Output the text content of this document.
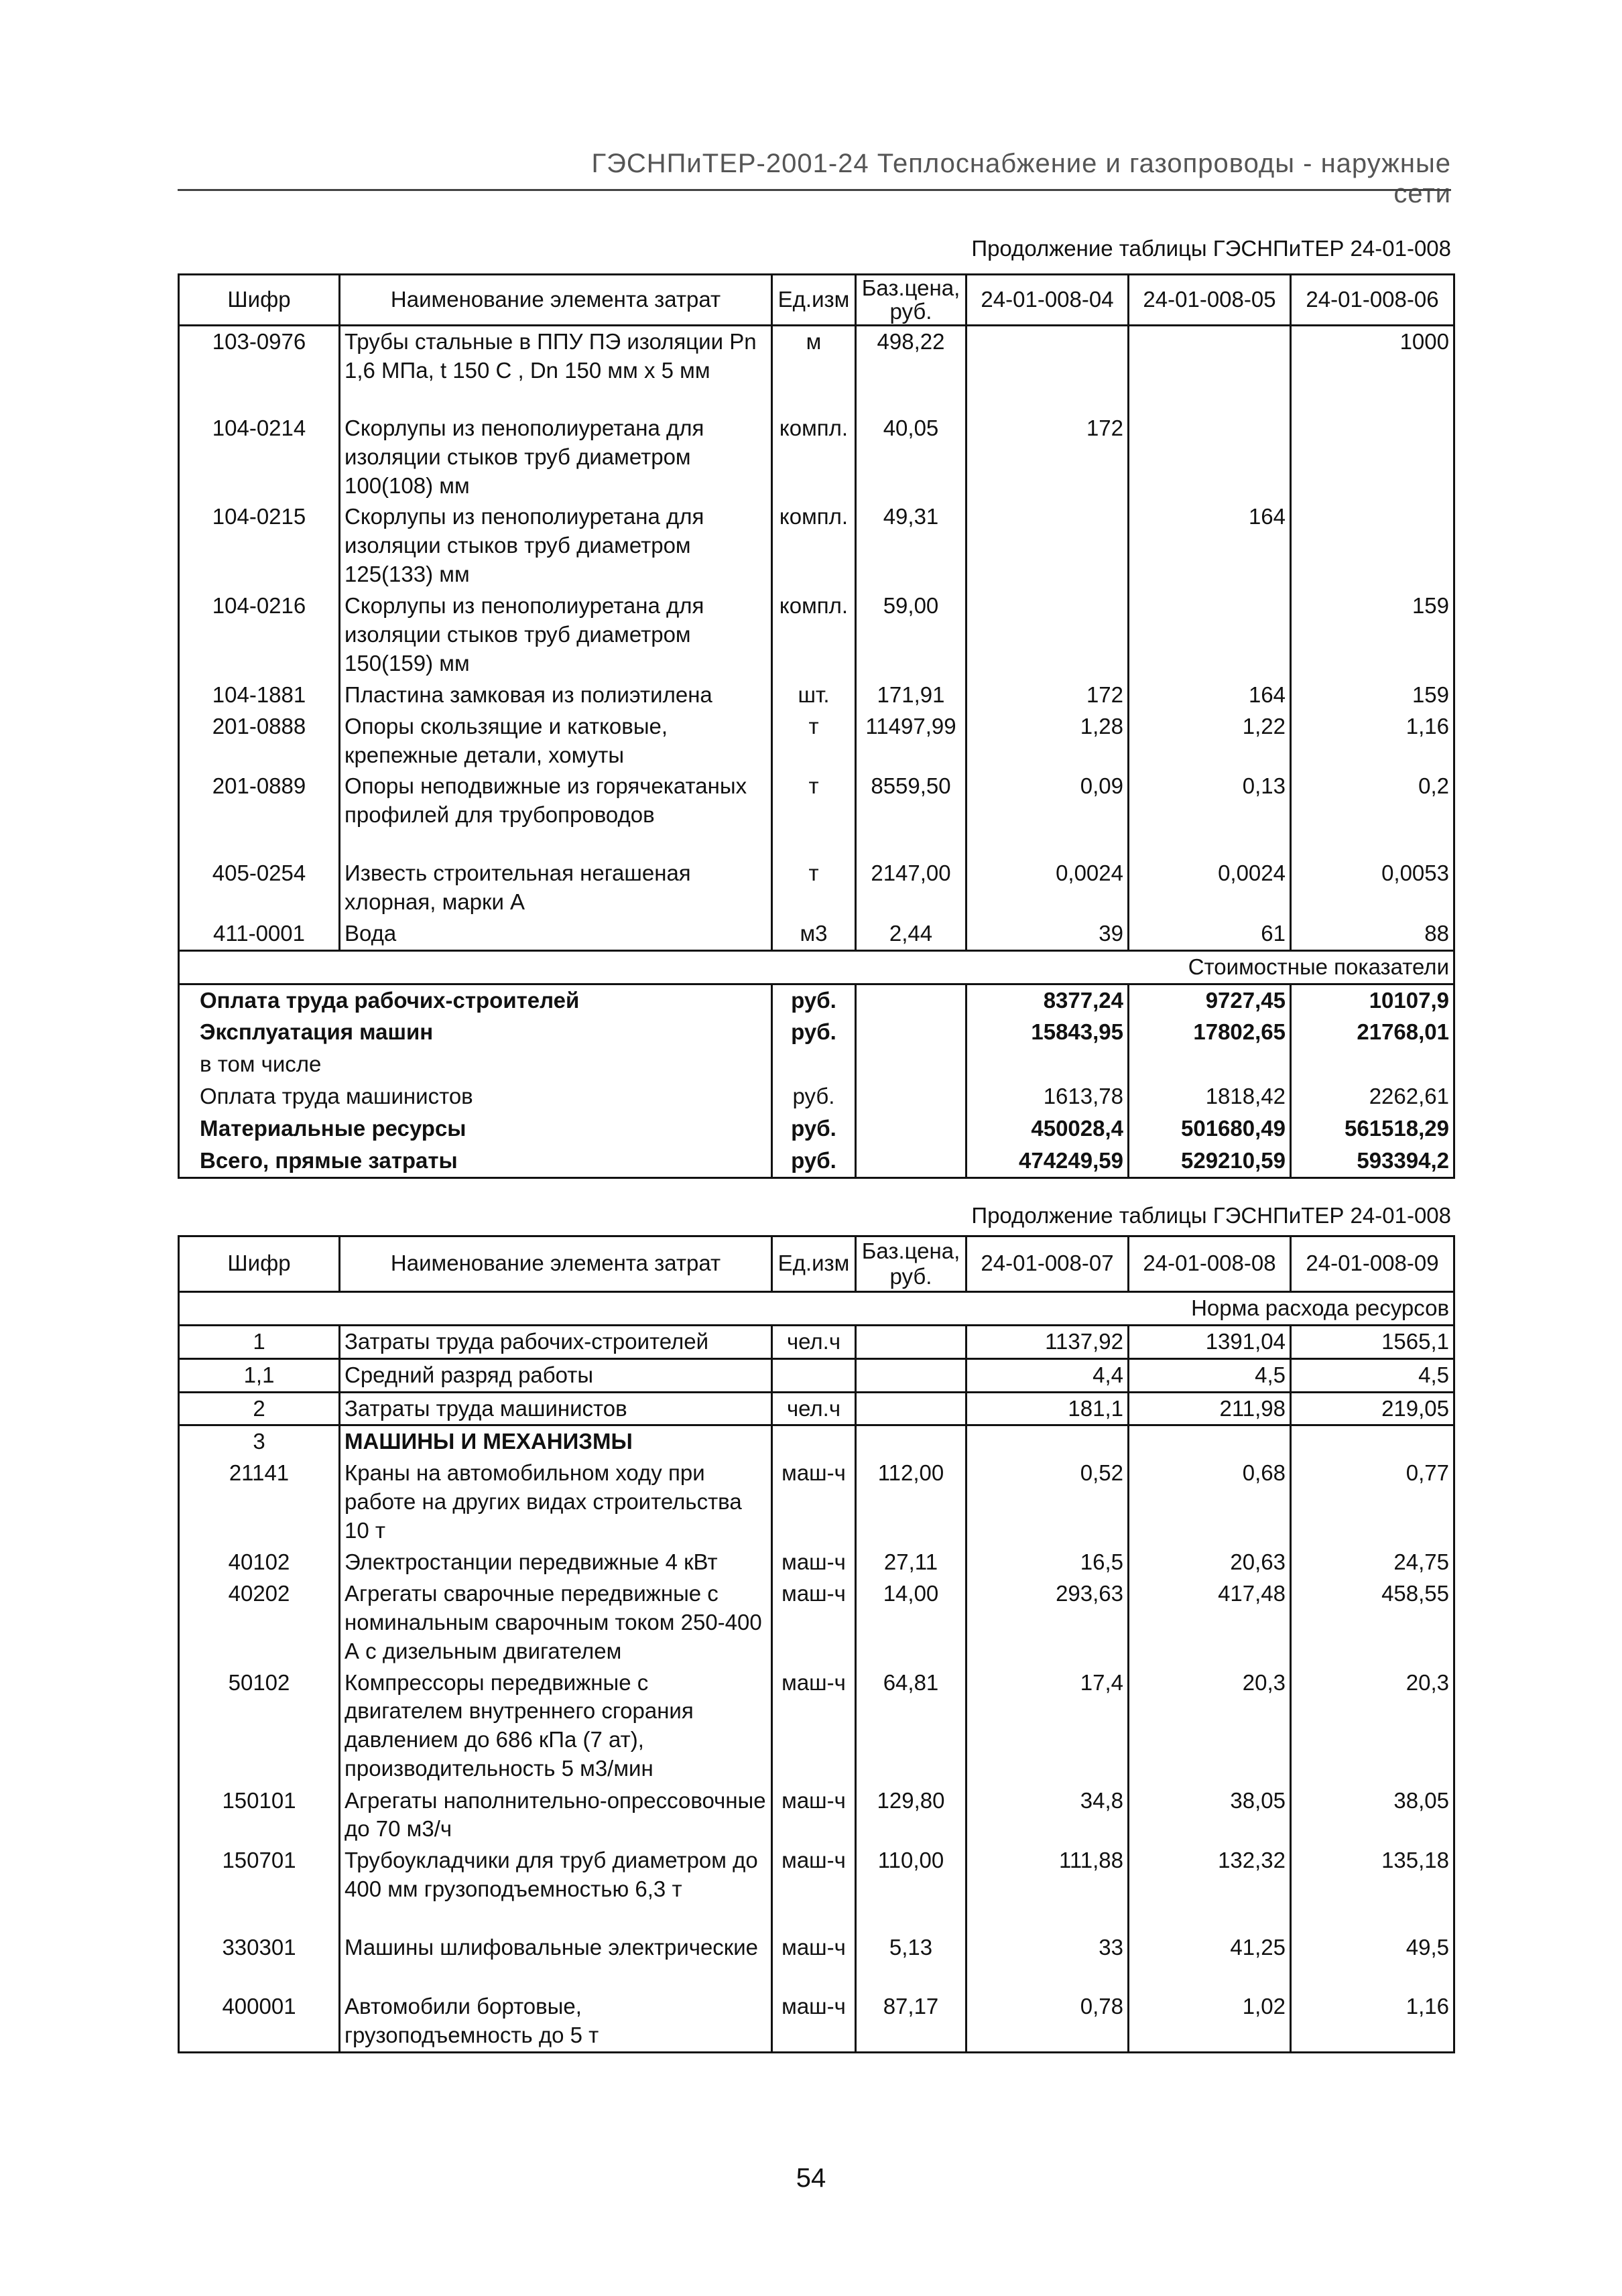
ГЭСНПиТЕР-2001-24 Теплоснабжение и газопроводы - наружные сети
Продолжение таблицы ГЭСНПиТЕР 24-01-008
Шифр	Наименование элемента затрат	Ед.изм	Баз.цена, руб.	24-01-008-04	24-01-008-05	24-01-008-06
103-0976	Трубы стальные в ППУ ПЭ изоляции Pn 1,6 МПа, t 150 С , Dn 150 мм х 5 мм	м	498,22			1000
104-0214	Скорлупы из пенополиуретана для изоляции стыков труб диаметром 100(108) мм	компл.	40,05	172		
104-0215	Скорлупы из пенополиуретана для изоляции стыков труб диаметром 125(133) мм	компл.	49,31		164	
104-0216	Скорлупы из пенополиуретана для изоляции стыков труб диаметром 150(159) мм	компл.	59,00			159
104-1881	Пластина замковая из полиэтилена	шт.	171,91	172	164	159
201-0888	Опоры скользящие и катковые, крепежные детали, хомуты	т	11497,99	1,28	1,22	1,16
201-0889	Опоры неподвижные из горячекатаных профилей для трубопроводов	т	8559,50	0,09	0,13	0,2
405-0254	Известь строительная негашеная хлорная, марки А	т	2147,00	0,0024	0,0024	0,0053
411-0001	Вода	м3	2,44	39	61	88
Стоимостные показатели						
Оплата труда рабочих-строителей		руб.		8377,24	9727,45	10107,9
Эксплуатация машин		руб.		15843,95	17802,65	21768,01
в том числе						
Оплата труда машинистов		руб.		1613,78	1818,42	2262,61
Материальные ресурсы		руб.		450028,4	501680,49	561518,29
Всего, прямые затраты		руб.		474249,59	529210,59	593394,2
Продолжение таблицы ГЭСНПиТЕР 24-01-008
Шифр	Наименование элемента затрат	Ед.изм	Баз.цена, руб.	24-01-008-07	24-01-008-08	24-01-008-09
Норма расхода ресурсов						
1	Затраты труда рабочих-строителей	чел.ч		1137,92	1391,04	1565,1
1,1	Средний разряд работы			4,4	4,5	4,5
2	Затраты труда машинистов	чел.ч		181,1	211,98	219,05
3	МАШИНЫ И МЕХАНИЗМЫ					
21141	Краны на автомобильном ходу при работе на других видах строительства 10 т	маш-ч	112,00	0,52	0,68	0,77
40102	Электростанции передвижные 4 кВт	маш-ч	27,11	16,5	20,63	24,75
40202	Агрегаты сварочные передвижные с номинальным сварочным током 250-400 А с дизельным двигателем	маш-ч	14,00	293,63	417,48	458,55
50102	Компрессоры передвижные с двигателем внутреннего сгорания давлением до 686 кПа (7 ат), производительность 5 м3/мин	маш-ч	64,81	17,4	20,3	20,3
150101	Агрегаты наполнительно-опрессовочные до 70 м3/ч	маш-ч	129,80	34,8	38,05	38,05
150701	Трубоукладчики для труб диаметром до 400 мм грузоподъемностью 6,3 т	маш-ч	110,00	111,88	132,32	135,18
330301	Машины шлифовальные электрические	маш-ч	5,13	33	41,25	49,5
400001	Автомобили бортовые, грузоподъемность до 5 т	маш-ч	87,17	0,78	1,02	1,16
54
